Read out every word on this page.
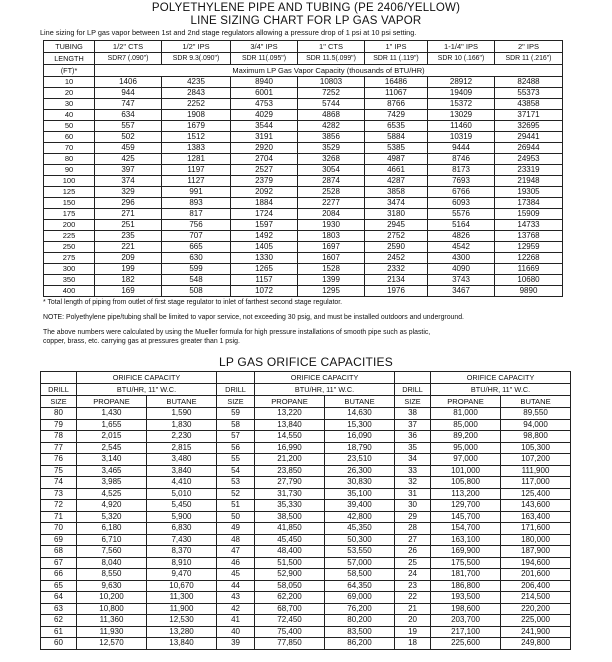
POLYETHYLENE PIPE AND TUBING (PE 2406/YELLOW)
LINE SIZING CHART FOR LP GAS VAPOR
Line sizing for LP gas vapor between 1st and 2nd stage regulators allowing a pressure drop of 1 psi at 10 psi setting.
TUBING	1/2" CTS	1/2" IPS	3/4" IPS	1" CTS	1" IPS	1-1/4" IPS	2" IPS
LENGTH	SDR7 (.090")	SDR 9.3(.090")	SDR 11(.095")	SDR 11.5(.099")	SDR 11 (.119")	SDR 10 (.166")	SDR 11 (.216")
(FT)*	Maximum LP Gas Vapor Capacity (thousands of BTU/HR)						
10	1406	4235	8940	10803	16486	28912	82488
20	944	2843	6001	7252	11067	19409	55373
30	747	2252	4753	5744	8766	15372	43858
40	634	1908	4029	4868	7429	13029	37171
50	557	1679	3544	4282	6535	11460	32695
60	502	1512	3191	3856	5884	10319	29441
70	459	1383	2920	3529	5385	9444	26944
80	425	1281	2704	3268	4987	8746	24953
90	397	1197	2527	3054	4661	8173	23319
100	374	1127	2379	2874	4287	7693	21948
125	329	991	2092	2528	3858	6766	19305
150	296	893	1884	2277	3474	6093	17384
175	271	817	1724	2084	3180	5576	15909
200	251	756	1597	1930	2945	5164	14733
225	235	707	1492	1803	2752	4826	13768
250	221	665	1405	1697	2590	4542	12959
275	209	630	1330	1607	2452	4300	12268
300	199	599	1265	1528	2332	4090	11669
350	182	548	1157	1399	2134	3743	10680
400	169	508	1072	1295	1976	3467	9890
* Total length of piping from outlet of first stage regulator to inlet of farthest second stage regulator.
NOTE: Polyethylene pipe/tubing shall be limited to vapor service, not exceeding 30 psig, and must be installed outdoors and underground.
The above numbers were calculated by using the Mueller formula for high pressure installations of smooth pipe such as plastic,
copper, brass, etc. carrying gas at pressures greater than 1 psig.
LP GAS ORIFICE CAPACITIES
	ORIFICE CAPACITY			ORIFICE CAPACITY			ORIFICE CAPACITY	
DRILL	BTU/HR, 11" W.C.		DRILL	BTU/HR, 11" W.C.		DRILL	BTU/HR, 11" W.C.	
SIZE	PROPANE	BUTANE	SIZE	PROPANE	BUTANE	SIZE	PROPANE	BUTANE
80	1,430	1,590	59	13,220	14,630	38	81,000	89,550
79	1,655	1,830	58	13,840	15,300	37	85,000	94,000
78	2,015	2,230	57	14,550	16,090	36	89,200	98,800
77	2,545	2,815	56	16,990	18,790	35	95,000	105,300
76	3,140	3,480	55	21,200	23,510	34	97,000	107,200
75	3,465	3,840	54	23,850	26,300	33	101,000	111,900
74	3,985	4,410	53	27,790	30,830	32	105,800	117,000
73	4,525	5,010	52	31,730	35,100	31	113,200	125,400
72	4,920	5,450	51	35,330	39,400	30	129,700	143,600
71	5,320	5,900	50	38,500	42,800	29	145,700	163,400
70	6,180	6,830	49	41,850	45,350	28	154,700	171,600
69	6,710	7,430	48	45,450	50,300	27	163,100	180,000
68	7,560	8,370	47	48,400	53,550	26	169,900	187,900
67	8,040	8,910	46	51,500	57,000	25	175,500	194,600
66	8,550	9,470	45	52,900	58,500	24	181,700	201,600
65	9,630	10,670	44	58,050	64,350	23	186,800	206,400
64	10,200	11,300	43	62,200	69,000	22	193,500	214,500
63	10,800	11,900	42	68,700	76,200	21	198,600	220,200
62	11,360	12,530	41	72,450	80,200	20	203,700	225,000
61	11,930	13,280	40	75,400	83,500	19	217,100	241,900
60	12,570	13,840	39	77,850	86,200	18	225,600	249,800
